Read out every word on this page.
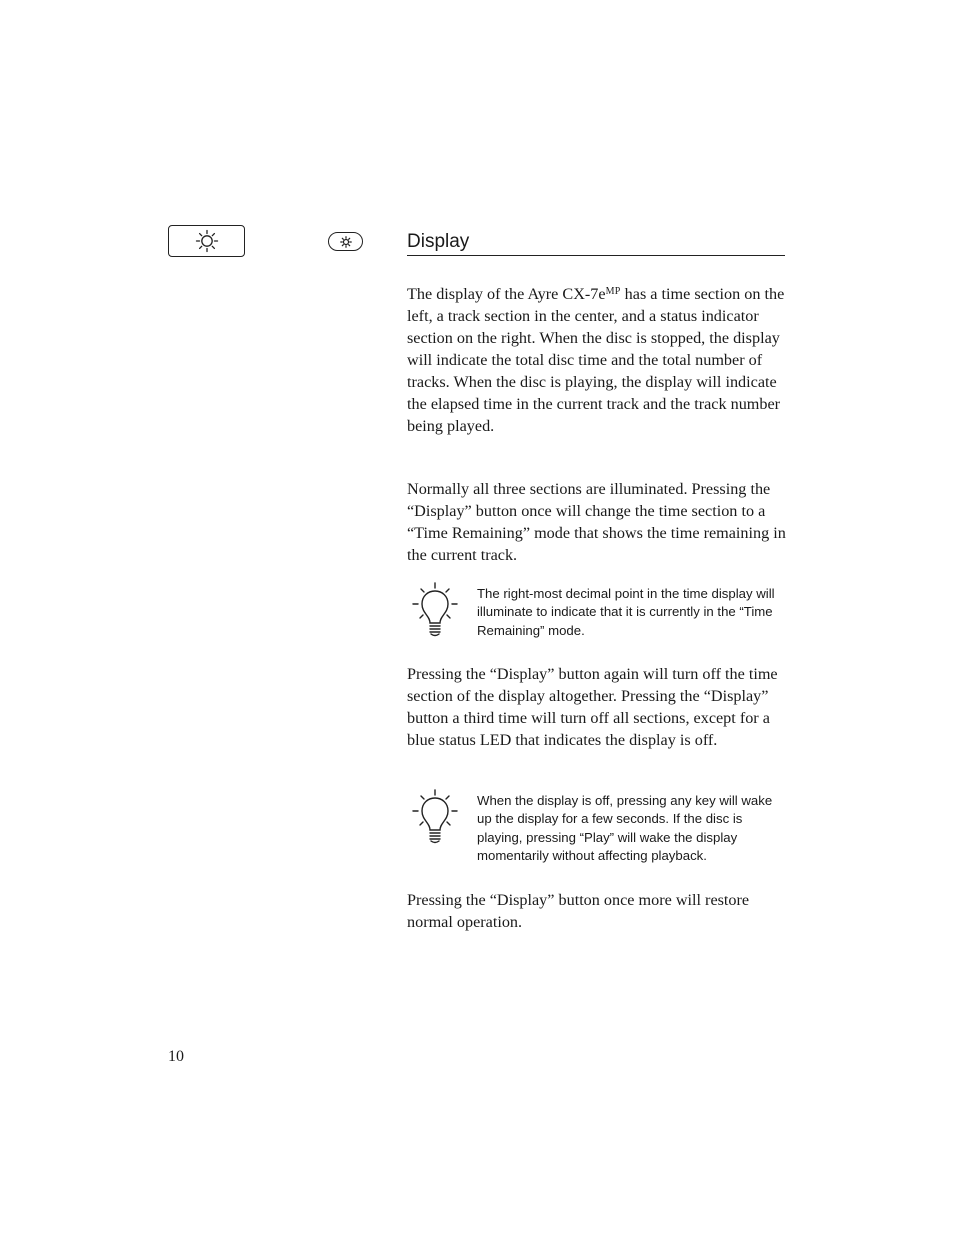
Display

The display of the Ayre $CX-7e^{MP}$ has a time section on the left, a track section in the center, and a status indicator section on the right. When the disc is stopped, the display will indicate the total disc time and the total number of tracks. When the disc is playing, the display will indicate the elapsed time in the current track and the track number being played.

Normally all three sections are illuminated. Pressing the “Display” button once will change the time section to a “Time Remaining” mode that shows the time remaining in the current track.

The right-most decimal point in the time display will illuminate to indicate that it is currently in the “Time Remaining” mode.

Pressing the “Display” button again will turn off the time section of the display altogether. Pressing the “Display” button a third time will turn off all sections, except for a blue status LED that indicates the display is off.

When the display is off, pressing any key will wake up the display for a few seconds. If the disc is playing, pressing “Play” will wake the display momentarily without affecting playback.

Pressing the “Display” button once more will restore normal operation.

10
